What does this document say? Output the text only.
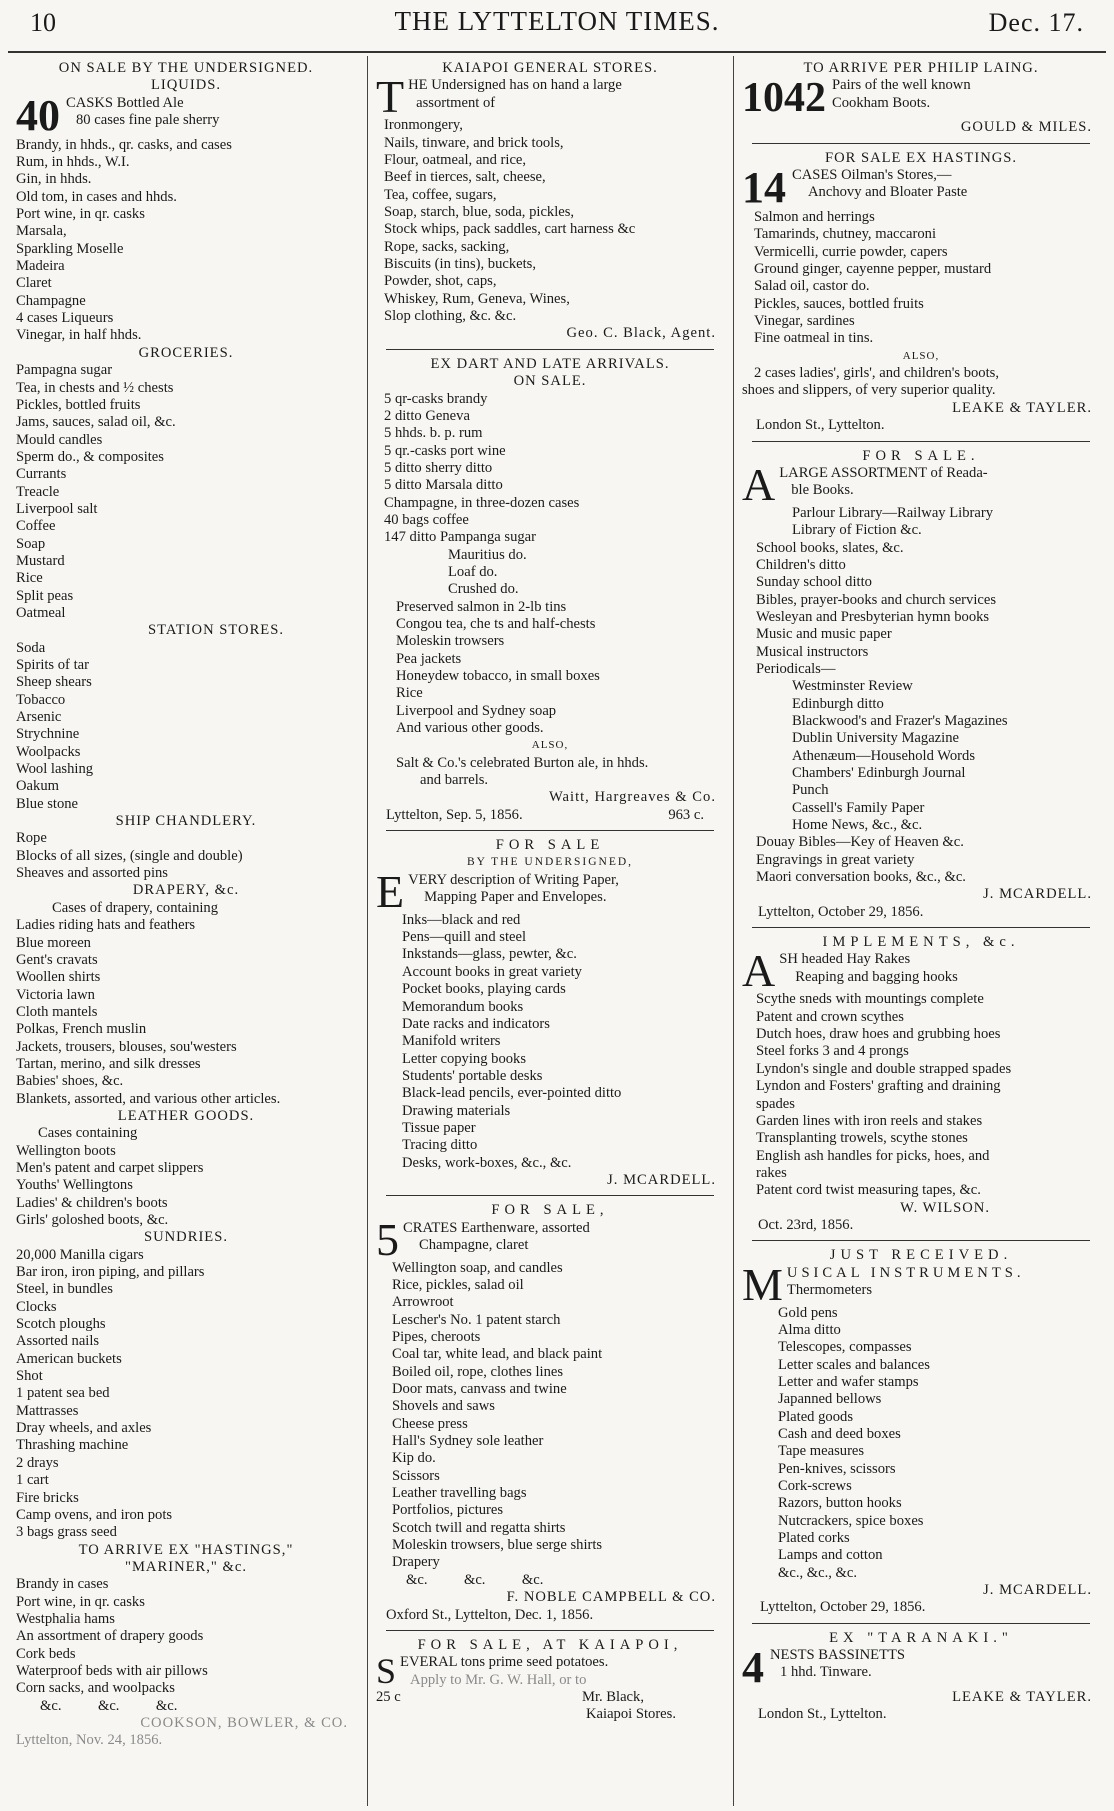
10	THE LYTTELTON TIMES.	Dec. 17.
ON SALE BY THE UNDERSIGNED.
LIQUIDS.
40 CASKS Bottled Ale
80 cases fine pale sherry
Brandy, in hhds., qr. casks, and cases
Rum, in hhds., W.I.
Gin, in hhds.
Old tom, in cases and hhds.
Port wine, in qr. casks
Marsala,
Sparkling Moselle
Madeira
Claret
Champagne
4 cases Liqueurs
Vinegar, in half hhds.
GROCERIES.
Pampagna sugar
Tea, in chests and ½ chests
Pickles, bottled fruits
Jams, sauces, salad oil, &c.
Mould candles
Sperm do., & composites
Currants
Treacle
Liverpool salt
Coffee
Soap
Mustard
Rice
Split peas
Oatmeal
STATION STORES.
Soda
Spirits of tar
Sheep shears
Tobacco
Arsenic
Strychnine
Woolpacks
Wool lashing
Oakum
Blue stone
SHIP CHANDLERY.
Rope
Blocks of all sizes, (single and double)
Sheaves and assorted pins
DRAPERY, &c.
Cases of drapery, containing
Ladies riding hats and feathers
Blue moreen
Gent's cravats
Woollen shirts
Victoria lawn
Cloth mantels
Polkas, French muslin
Jackets, trousers, blouses, sou'westers
Tartan, merino, and silk dresses
Babies' shoes, &c.
Blankets, assorted, and various other articles.
LEATHER GOODS.
Cases containing
Wellington boots
Men's patent and carpet slippers
Youths' Wellingtons
Ladies' & children's boots
Girls' goloshed boots, &c.
SUNDRIES.
20,000 Manilla cigars
Bar iron, iron piping, and pillars
Steel, in bundles
Clocks
Scotch ploughs
Assorted nails
American buckets
Shot
1 patent sea bed
Mattrasses
Dray wheels, and axles
Thrashing machine
2 drays
1 cart
Fire bricks
Camp ovens, and iron pots
3 bags grass seed
TO ARRIVE EX "HASTINGS,"
"MARINER," &c.
Brandy in cases
Port wine, in qr. casks
Westphalia hams
An assortment of drapery goods
Cork beds
Waterproof beds with air pillows
Corn sacks, and woolpacks
&c.          &c.          &c.
COOKSON, BOWLER, & CO.
Lyttelton, Nov. 24, 1856.
KAIAPOI GENERAL STORES.
T HE Undersigned has on hand a large
assortment of
Ironmongery,
Nails, tinware, and brick tools,
Flour, oatmeal, and rice,
Beef in tierces, salt, cheese,
Tea, coffee, sugars,
Soap, starch, blue, soda, pickles,
Stock whips, pack saddles, cart harness &c
Rope, sacks, sacking,
Biscuits (in tins), buckets,
Powder, shot, caps,
Whiskey, Rum, Geneva, Wines,
Slop clothing, &c. &c.
Geo. C. Black, Agent.
EX DART AND LATE ARRIVALS.
ON SALE.
5 qr-casks brandy
2 ditto Geneva
5 hhds. b. p. rum
5 qr.-casks port wine
5 ditto sherry ditto
5 ditto Marsala ditto
Champagne, in three-dozen cases
40 bags coffee
147 ditto Pampanga sugar
Mauritius do.
Loaf do.
Crushed do.
Preserved salmon in 2-lb tins
Congou tea, che ts and half-chests
Moleskin trowsers
Pea jackets
Honeydew tobacco, in small boxes
Rice
Liverpool and Sydney soap
And various other goods.
ALSO,
Salt & Co.'s celebrated Burton ale, in hhds.
and barrels.
Waitt, Hargreaves & Co.
Lyttelton, Sep. 5, 1856.	963 c.
FOR SALE
BY THE UNDERSIGNED,
E VERY description of Writing Paper,
Mapping Paper and Envelopes.
Inks—black and red
Pens—quill and steel
Inkstands—glass, pewter, &c.
Account books in great variety
Pocket books, playing cards
Memorandum books
Date racks and indicators
Manifold writers
Letter copying books
Students' portable desks
Black-lead pencils, ever-pointed ditto
Drawing materials
Tissue paper
Tracing ditto
Desks, work-boxes, &c., &c.
J. MCARDELL.
FOR SALE,
5 CRATES Earthenware, assorted
Champagne, claret
Wellington soap, and candles
Rice, pickles, salad oil
Arrowroot
Lescher's No. 1 patent starch
Pipes, cheroots
Coal tar, white lead, and black paint
Boiled oil, rope, clothes lines
Door mats, canvass and twine
Shovels and saws
Cheese press
Hall's Sydney sole leather
Kip do.
Scissors
Leather travelling bags
Portfolios, pictures
Scotch twill and regatta shirts
Moleskin trowsers, blue serge shirts
Drapery
&c.          &c.          &c.
F. NOBLE CAMPBELL & CO.
Oxford St., Lyttelton, Dec. 1, 1856.
FOR SALE, AT KAIAPOI,
S EVERAL tons prime seed potatoes.
Apply to Mr. G. W. Hall, or to
25 c	Mr. Black,
Kaiapoi Stores.
TO ARRIVE PER PHILIP LAING.
1042 Pairs of the well known
Cookham Boots.
GOULD & MILES.
FOR SALE EX HASTINGS.
14 CASES Oilman's Stores,—
Anchovy and Bloater Paste
Salmon and herrings
Tamarinds, chutney, maccaroni
Vermicelli, currie powder, capers
Ground ginger, cayenne pepper, mustard
Salad oil, castor do.
Pickles, sauces, bottled fruits
Vinegar, sardines
Fine oatmeal in tins.
ALSO,
2 cases ladies', girls', and children's boots,
shoes and slippers, of very superior quality.
LEAKE & TAYLER.
London St., Lyttelton.
FOR SALE.
A LARGE ASSORTMENT of Reada-
ble Books.
Parlour Library—Railway Library
Library of Fiction &c.
School books, slates, &c.
Children's ditto
Sunday school ditto
Bibles, prayer-books and church services
Wesleyan and Presbyterian hymn books
Music and music paper
Musical instructors
Periodicals—
Westminster Review
Edinburgh ditto
Blackwood's and Frazer's Magazines
Dublin University Magazine
Athenæum—Household Words
Chambers' Edinburgh Journal
Punch
Cassell's Family Paper
Home News, &c., &c.
Douay Bibles—Key of Heaven &c.
Engravings in great variety
Maori conversation books, &c., &c.
J. MCARDELL.
Lyttelton, October 29, 1856.
IMPLEMENTS, &c.
A SH headed Hay Rakes
Reaping and bagging hooks
Scythe sneds with mountings complete
Patent and crown scythes
Dutch hoes, draw hoes and grubbing hoes
Steel forks 3 and 4 prongs
Lyndon's single and double strapped spades
Lyndon and Fosters' grafting and draining
spades
Garden lines with iron reels and stakes
Transplanting trowels, scythe stones
English ash handles for picks, hoes, and
rakes
Patent cord twist measuring tapes, &c.
W. WILSON.
Oct. 23rd, 1856.
JUST RECEIVED.
M USICAL INSTRUMENTS.
Thermometers
Gold pens
Alma ditto
Telescopes, compasses
Letter scales and balances
Letter and wafer stamps
Japanned bellows
Plated goods
Cash and deed boxes
Tape measures
Pen-knives, scissors
Cork-screws
Razors, button hooks
Nutcrackers, spice boxes
Plated corks
Lamps and cotton
&c., &c., &c.
J. MCARDELL.
Lyttelton, October 29, 1856.
EX "TARANAKI."
4 NESTS BASSINETTS
1 hhd. Tinware.
LEAKE & TAYLER.
London St., Lyttelton.
